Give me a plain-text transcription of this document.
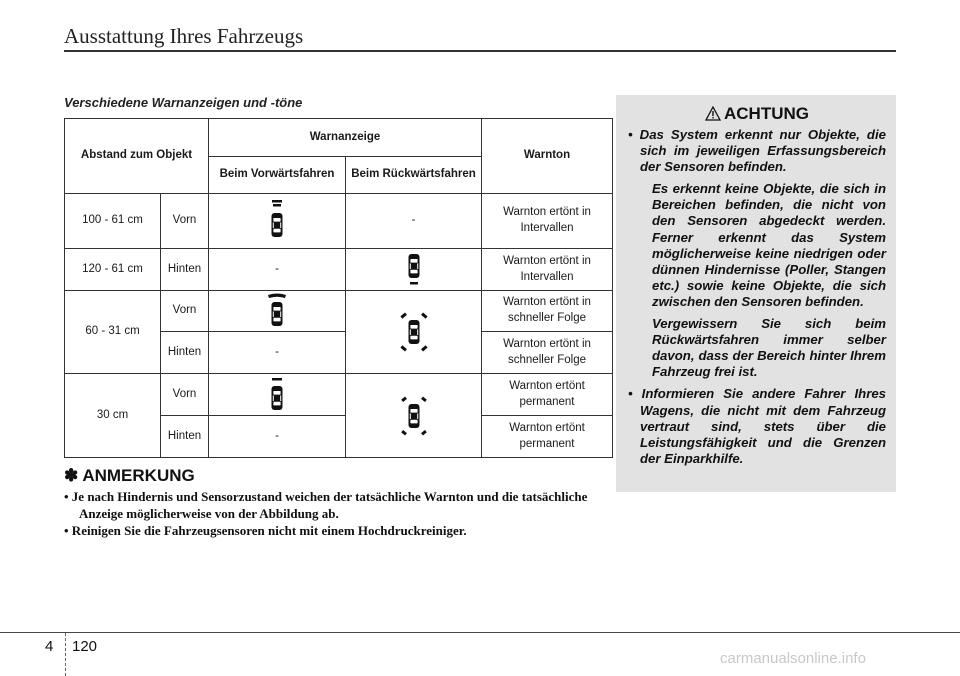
Ausstattung Ihres Fahrzeugs
Verschiedene Warnanzeigen und -töne
Abstand zum Objekt		Warnanzeige		Warnton
		Beim Vorwärtsfahren	Beim Rückwärtsfahren	
100 - 61 cm	Vorn		-	Warnton ertönt in Intervallen
120 - 61 cm	Hinten	-		Warnton ertönt in Intervallen
60 - 31 cm	Vorn			Warnton ertönt in schneller Folge
	Hinten	-		Warnton ertönt in schneller Folge
30 cm	Vorn			Warnton ertönt permanent
	Hinten	-		Warnton ertönt permanent
✽ ANMERKUNG
• Je nach Hindernis und Sensorzustand weichen der tatsächliche Warnton und die tatsächliche Anzeige möglicherweise von der Abbildung ab.
• Reinigen Sie die Fahrzeugsensoren nicht mit einem Hochdruckreiniger.
ACHTUNG

• Das System erkennt nur Objekte, die sich im jeweiligen Erfassungsbereich der Sensoren befinden.

Es erkennt keine Objekte, die sich in Bereichen befinden, die nicht von den Sensoren abgedeckt werden. Ferner erkennt das System möglicherweise keine niedrigen oder dünnen Hindernisse (Poller, Stangen etc.) sowie keine Objekte, die sich zwischen den Sensoren befinden.

Vergewissern Sie sich beim Rückwärtsfahren immer selber davon, dass der Bereich hinter Ihrem Fahrzeug frei ist.

• Informieren Sie andere Fahrer Ihres Wagens, die nicht mit dem Fahrzeug vertraut sind, stets über die Leistungsfähigkeit und die Grenzen der Einparkhilfe.

4 120
carmanualsonline.info
